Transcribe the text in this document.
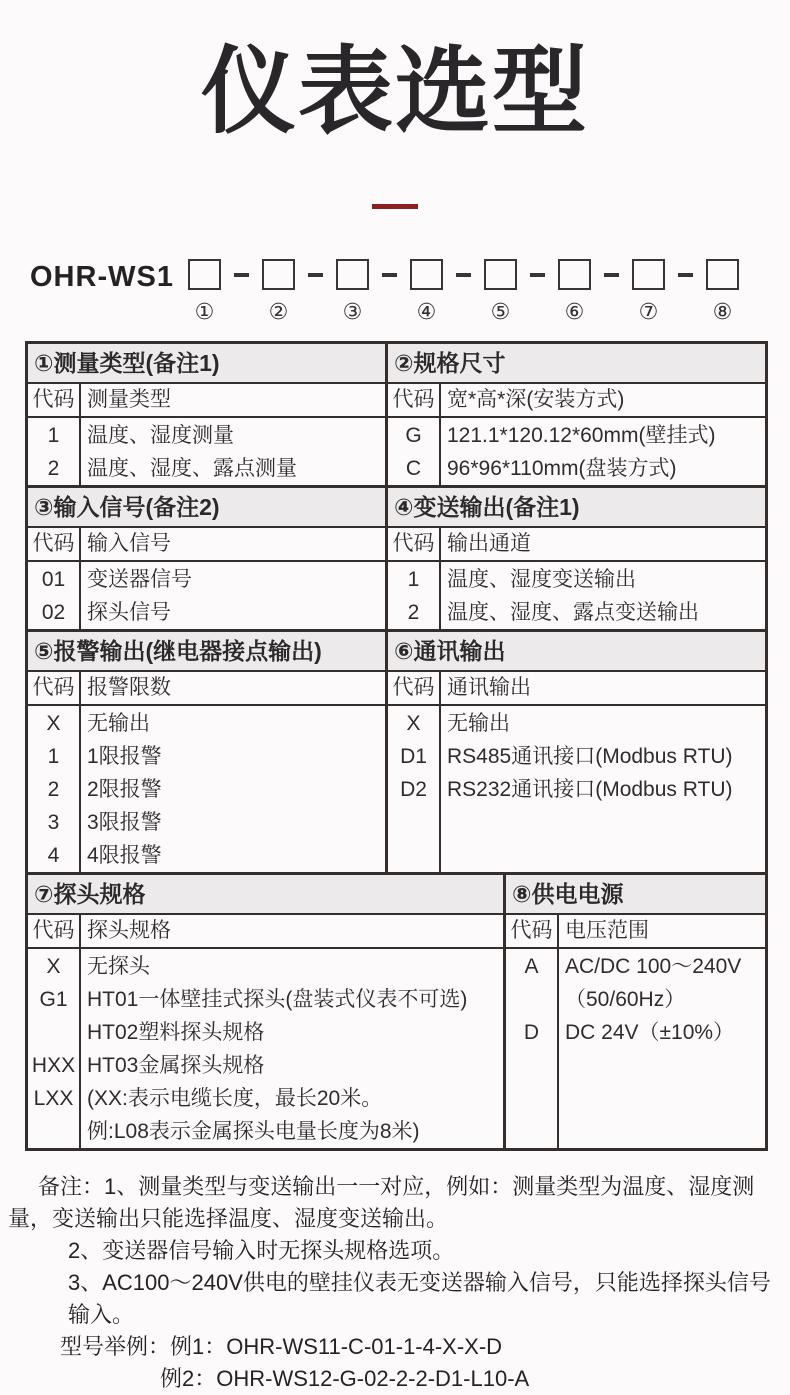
仪表选型
OHR-WS1
① ② ③ ④ ⑤ ⑥ ⑦ ⑧
①测量类型(备注1)
代码 测量类型
1
2
温度、湿度测量
温度、湿度、露点测量
②规格尺寸
代码 宽*高*深(安装方式)
G
C
121.1*120.12*60mm(壁挂式)
96*96*110mm(盘装方式)
③输入信号(备注2)
代码 输入信号
01
02
变送器信号
探头信号
④变送输出(备注1)
代码 输出通道
1
2
温度、湿度变送输出
温度、湿度、露点变送输出
⑤报警输出(继电器接点输出)
代码 报警限数
X
1
2
3
4
无输出
1限报警
2限报警
3限报警
4限报警
⑥通讯输出
代码 通讯输出
X
D1
D2
无输出
RS485通讯接口(Modbus RTU)
RS232通讯接口(Modbus RTU)
⑦探头规格
代码 探头规格
X
G1
HXX
LXX
无探头
HT01一体壁挂式探头(盘装式仪表不可选)
HT02塑料探头规格
HT03金属探头规格
(XX:表示电缆长度，最长20米。
例:L08表示金属探头电量长度为8米)
⑧供电电源
代码 电压范围
A
D
AC/DC 100～240V
（50/60Hz）
DC 24V（±10%）
备注：1、测量类型与变送输出一一对应，例如：测量类型为温度、湿度测量，变送输出只能选择温度、湿度变送输出。
2、变送器信号输入时无探头规格选项。
3、AC100～240V供电的壁挂仪表无变送器输入信号，只能选择探头信号输入。
型号举例：例1：OHR-WS11-C-01-1-4-X-X-D
例2：OHR-WS12-G-02-2-2-D1-L10-A
